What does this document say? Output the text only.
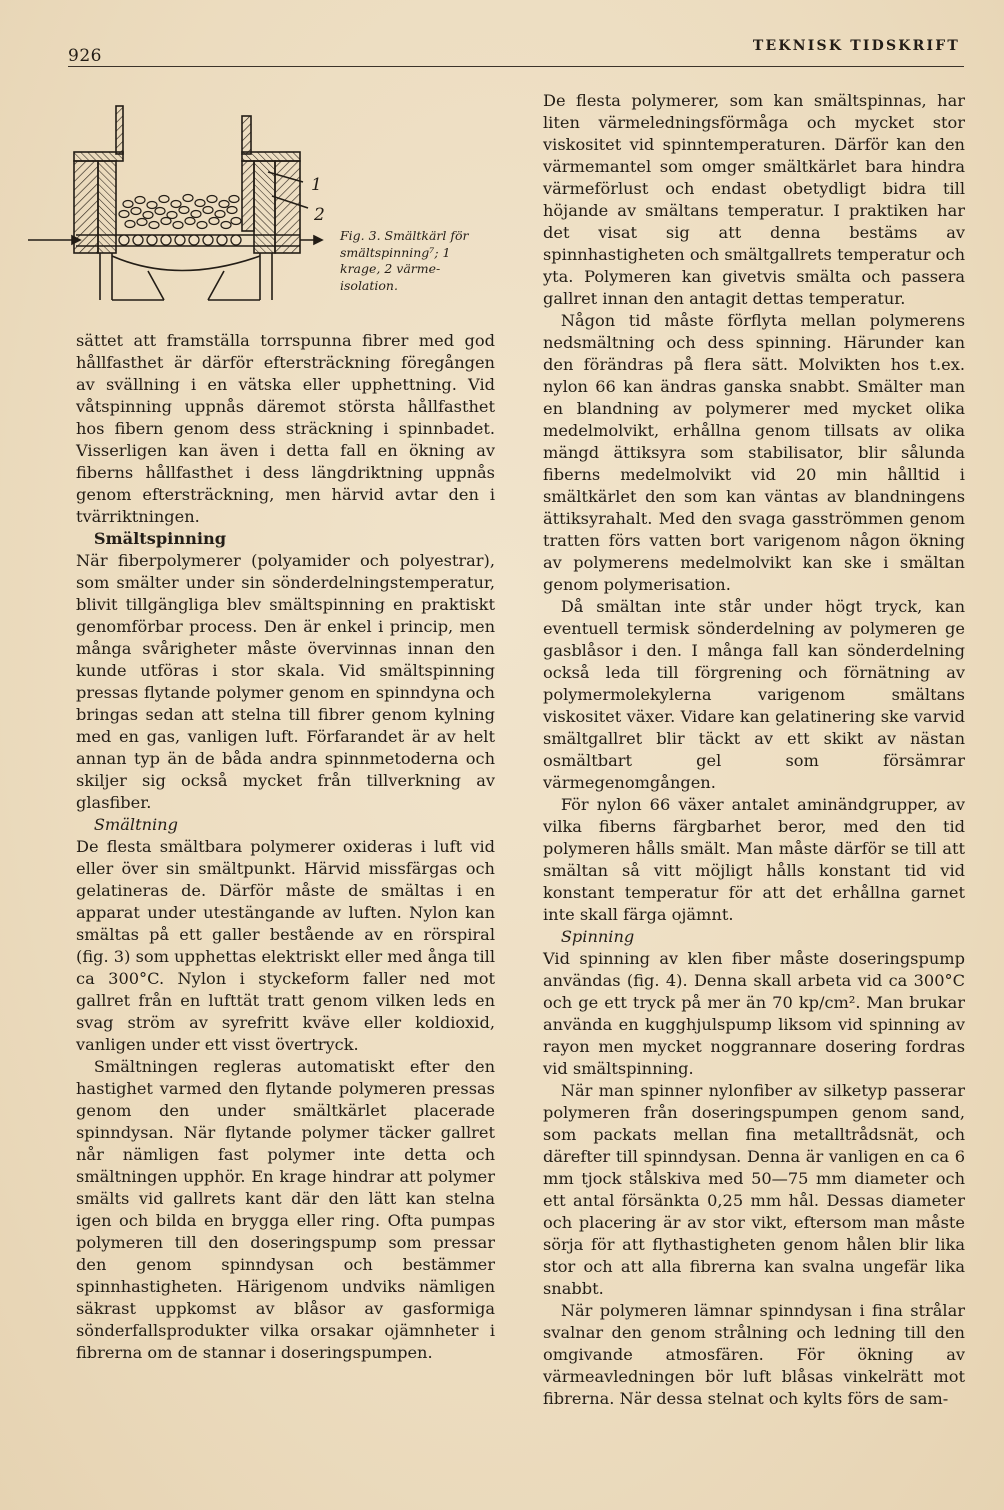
926	TEKNISK TIDSKRIFT
1
2
Fig. 3. Smältkärl för smältspinning⁷; 1 krage, 2 värme-isolation.

sättet att framställa torrspunna fibrer med god hållfasthet är därför eftersträckning föregången av svällning i en vätska eller upphettning. Vid våtspinning uppnås däremot största hållfasthet hos fibern genom dess sträckning i spinnbadet. Visserligen kan även i detta fall en ökning av fiberns hållfasthet i dess längdriktning uppnås genom eftersträckning, men härvid avtar den i tvärriktningen.

Smältspinning

När fiberpolymerer (polyamider och polyestrar), som smälter under sin sönderdelningstemperatur, blivit tillgängliga blev smältspinning en praktiskt genomförbar process. Den är enkel i princip, men många svårigheter måste övervinnas innan den kunde utföras i stor skala. Vid smältspinning pressas flytande polymer genom en spinndyna och bringas sedan att stelna till fibrer genom kylning med en gas, vanligen luft. Förfarandet är av helt annan typ än de båda andra spinnmetoderna och skiljer sig också mycket från tillverkning av glasfiber.

Smältning

De flesta smältbara polymerer oxideras i luft vid eller över sin smältpunkt. Härvid missfärgas och gelatineras de. Därför måste de smältas i en apparat under utestängande av luften. Nylon kan smältas på ett galler bestående av en rörspiral (fig. 3) som upphettas elektriskt eller med ånga till ca 300°C. Nylon i styckeform faller ned mot gallret från en lufttät tratt genom vilken leds en svag ström av syrefritt kväve eller koldioxid, vanligen under ett visst övertryck.

Smältningen regleras automatiskt efter den hastighet varmed den flytande polymeren pressas genom den under smältkärlet placerade spinndysan. När flytande polymer täcker gallret når nämligen fast polymer inte detta och smältningen upphör. En krage hindrar att polymer smälts vid gallrets kant där den lätt kan stelna igen och bilda en brygga eller ring. Ofta pumpas polymeren till den doseringspump som pressar den genom spinndysan och bestämmer spinnhastigheten. Härigenom undviks nämligen säkrast uppkomst av blåsor av gasformiga sönderfallsprodukter vilka orsakar ojämnheter i fibrerna om de stannar i doseringspumpen.

De flesta polymerer, som kan smältspinnas, har liten värmeledningsförmåga och mycket stor viskositet vid spinntemperaturen. Därför kan den värmemantel som omger smältkärlet bara hindra värmeförlust och endast obetydligt bidra till höjande av smältans temperatur. I praktiken har det visat sig att denna bestäms av spinnhastigheten och smältgallrets temperatur och yta. Polymeren kan givetvis smälta och passera gallret innan den antagit dettas temperatur.

Någon tid måste förflyta mellan polymerens nedsmältning och dess spinning. Härunder kan den förändras på flera sätt. Molvikten hos t.ex. nylon 66 kan ändras ganska snabbt. Smälter man en blandning av polymerer med mycket olika medelmolvikt, erhållna genom tillsats av olika mängd ättiksyra som stabilisator, blir sålunda fiberns medelmolvikt vid 20 min hålltid i smältkärlet den som kan väntas av blandningens ättiksyrahalt. Med den svaga gasströmmen genom tratten förs vatten bort varigenom någon ökning av polymerens medelmolvikt kan ske i smältan genom polymerisation.

Då smältan inte står under högt tryck, kan eventuell termisk sönderdelning av polymeren ge gasblåsor i den. I många fall kan sönderdelning också leda till förgrening och förnätning av polymermolekylerna varigenom smältans viskositet växer. Vidare kan gelatinering ske varvid smältgallret blir täckt av ett skikt av nästan osmältbart gel som försämrar värmegenomgången.

För nylon 66 växer antalet aminändgrupper, av vilka fiberns färgbarhet beror, med den tid polymeren hålls smält. Man måste därför se till att smältan så vitt möjligt hålls konstant tid vid konstant temperatur för att det erhållna garnet inte skall färga ojämnt.

Spinning

Vid spinning av klen fiber måste doseringspump användas (fig. 4). Denna skall arbeta vid ca 300°C och ge ett tryck på mer än 70 kp/cm². Man brukar använda en kugghjulspump liksom vid spinning av rayon men mycket noggrannare dosering fordras vid smältspinning.

När man spinner nylonfiber av silketyp passerar polymeren från doseringspumpen genom sand, som packats mellan fina metalltrådsnät, och därefter till spinndysan. Denna är vanligen en ca 6 mm tjock stålskiva med 50—75 mm diameter och ett antal försänkta 0,25 mm hål. Dessas diameter och placering är av stor vikt, eftersom man måste sörja för att flythastigheten genom hålen blir lika stor och att alla fibrerna kan svalna ungefär lika snabbt.

När polymeren lämnar spinndysan i fina strålar svalnar den genom strålning och ledning till den omgivande atmosfären. För ökning av värmeavledningen bör luft blåsas vinkelrätt mot fibrerna. När dessa stelnat och kylts förs de sam-
